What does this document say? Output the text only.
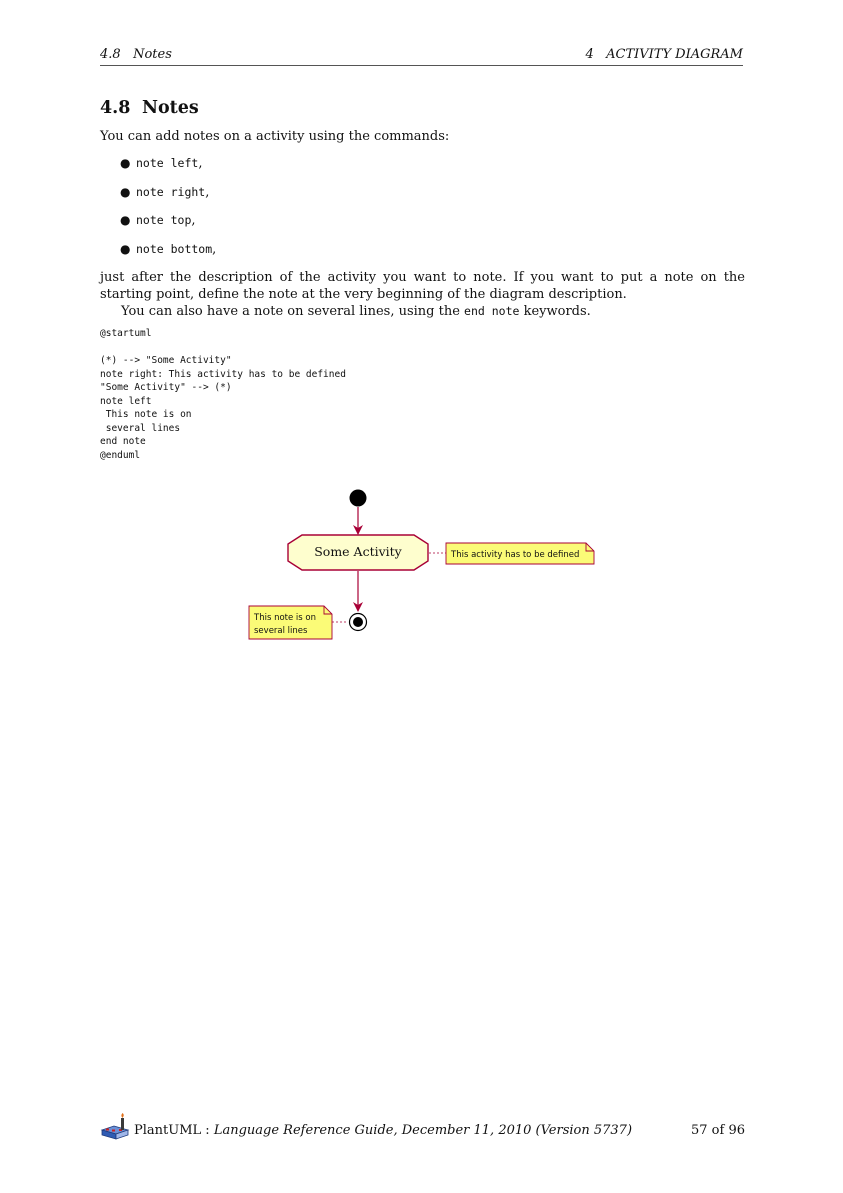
4.8   Notes	4   ACTIVITY DIAGRAM
4.8 Notes
You can add notes on a activity using the commands:
● note left ,
● note right ,
● note top ,
● note bottom ,
just after the description of the activity you want to note. If you want to put a note on the starting point, define the note at the very beginning of the diagram description.
You can also have a note on several lines, using the end note keywords.
@startuml

(*) --> "Some Activity"
note right: This activity has to be defined
"Some Activity" --> (*)
note left
This note is on
several lines
end note
@enduml
Some Activity	This activity has to be defined
This note is on
several lines
PlantUML : Language Reference Guide, December 11, 2010 (Version 5737)	57 of 96
